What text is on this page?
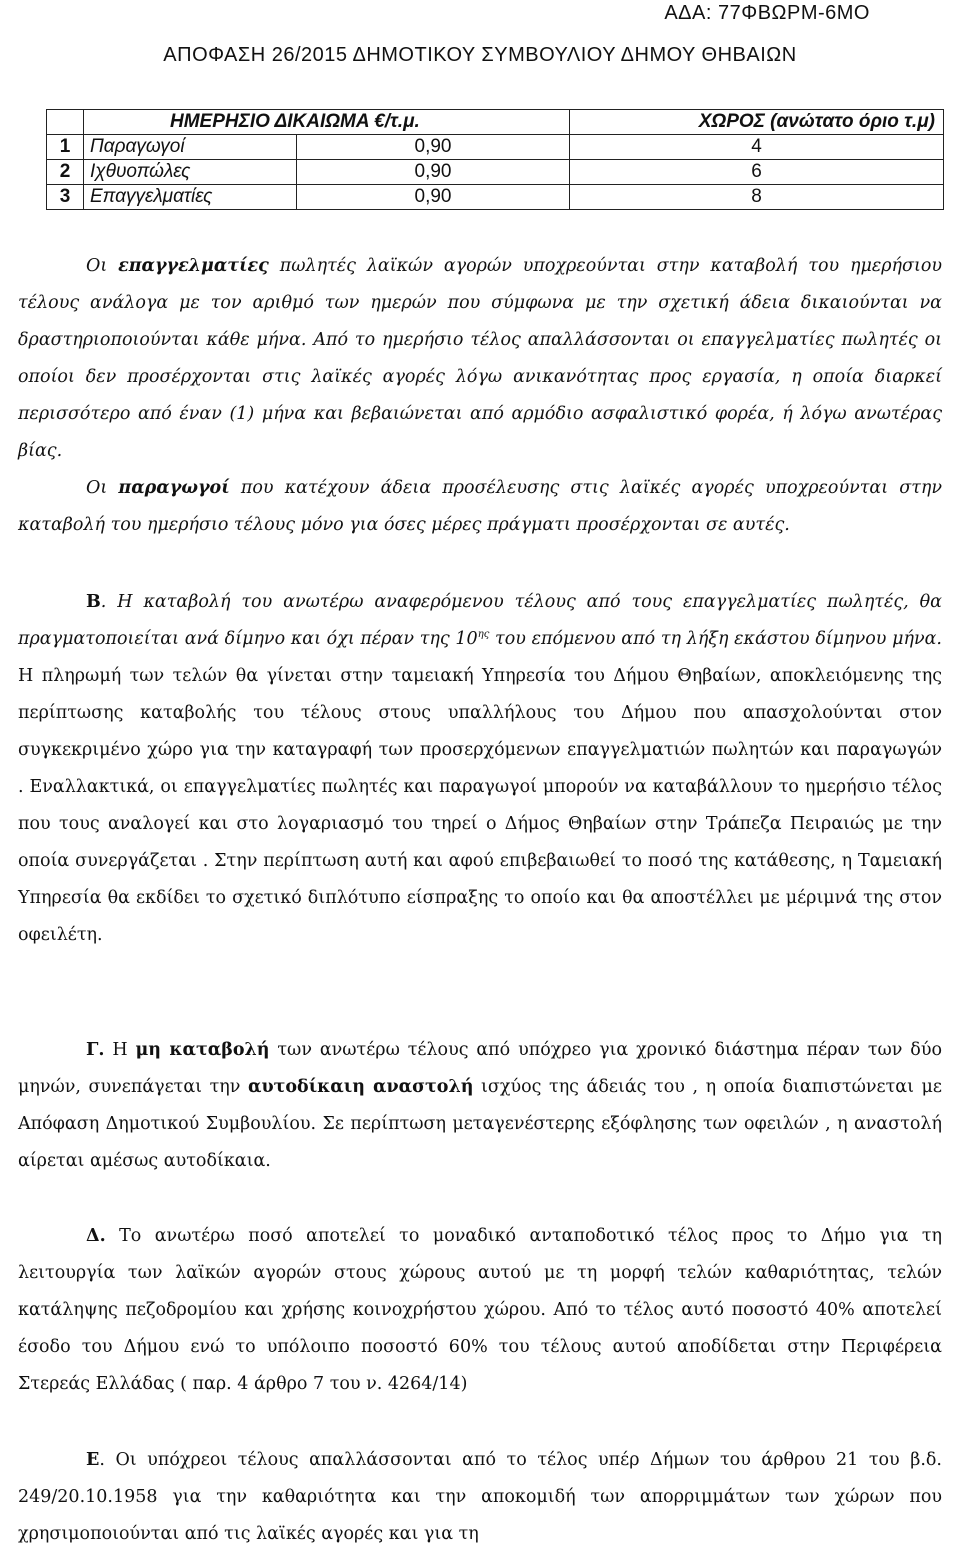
ΑΔΑ: 77ΦΒΩΡΜ-6ΜΟ
ΑΠΟΦΑΣΗ 26/2015 ΔΗΜΟΤΙΚΟΥ ΣΥΜΒΟΥΛΙΟΥ ΔΗΜΟΥ ΘΗΒΑΙΩΝ
	ΗΜΕΡΗΣΙΟ ΔΙΚΑΙΩΜΑ €/τ.μ.		ΧΩΡΟΣ (ανώτατο όριο τ.μ)
1	Παραγωγοί	0,90	4
2	Ιχθυοπώλες	0,90	6
3	Επαγγελματίες	0,90	8
Οι επαγγελματίες πωλητές λαϊκών αγορών υποχρεούνται στην καταβολή του ημερήσιου τέλους ανάλογα με τον αριθμό των ημερών που σύμφωνα με την σχετική άδεια δικαιούνται να δραστηριοποιούνται κάθε μήνα. Από το ημερήσιο τέλος απαλλάσσονται οι επαγγελματίες πωλητές οι οποίοι δεν προσέρχονται στις λαϊκές αγορές λόγω ανικανότητας προς εργασία, η οποία διαρκεί περισσότερο από έναν (1) μήνα και βεβαιώνεται από αρμόδιο ασφαλιστικό φορέα, ή λόγω ανωτέρας βίας.
Οι παραγωγοί που κατέχουν άδεια προσέλευσης στις λαϊκές αγορές υποχρεούνται στην καταβολή του ημερήσιο τέλους μόνο για όσες μέρες πράγματι προσέρχονται σε αυτές.
Β. Η καταβολή του ανωτέρω αναφερόμενου τέλους από τους επαγγελματίες πωλητές, θα πραγματοποιείται ανά δίμηνο και όχι πέραν της $10^{\eta\varsigma}$ του επόμενου από τη λήξη εκάστου δίμηνου μήνα. Η πληρωμή των τελών θα γίνεται στην ταμειακή Υπηρεσία του Δήμου Θηβαίων, αποκλειόμενης της περίπτωσης καταβολής του τέλους στους υπαλλήλους του Δήμου που απασχολούνται στον συγκεκριμένο χώρο για την καταγραφή των προσερχόμενων επαγγελματιών πωλητών και παραγωγών . Εναλλακτικά, οι επαγγελματίες πωλητές και παραγωγοί μπορούν να καταβάλλουν το ημερήσιο τέλος που τους αναλογεί και στο λογαριασμό του τηρεί ο Δήμος Θηβαίων στην Τράπεζα Πειραιώς με την οποία συνεργάζεται . Στην περίπτωση αυτή και αφού επιβεβαιωθεί το ποσό της κατάθεσης, η Ταμειακή Υπηρεσία θα εκδίδει το σχετικό διπλότυπο είσπραξης το οποίο και θα αποστέλλει με μέριμνά της στον οφειλέτη.
Γ. Η μη καταβολή των ανωτέρω τέλους από υπόχρεο για χρονικό διάστημα πέραν των δύο μηνών, συνεπάγεται την αυτοδίκαιη αναστολή ισχύος της άδειάς του , η οποία διαπιστώνεται με Απόφαση Δημοτικού Συμβουλίου. Σε περίπτωση μεταγενέστερης εξόφλησης των οφειλών , η αναστολή αίρεται αμέσως αυτοδίκαια.
Δ. Το ανωτέρω ποσό αποτελεί το μοναδικό ανταποδοτικό τέλος προς το Δήμο για τη λειτουργία των λαϊκών αγορών στους χώρους αυτού με τη μορφή τελών καθαριότητας, τελών κατάληψης πεζοδρομίου και χρήσης κοινοχρήστου χώρου. Από το τέλος αυτό ποσοστό 40% αποτελεί έσοδο του Δήμου ενώ το υπόλοιπο ποσοστό 60% του τέλους αυτού αποδίδεται στην Περιφέρεια Στερεάς Ελλάδας ( παρ. 4 άρθρο 7 του ν. 4264/14)
Ε. Οι υπόχρεοι τέλους απαλλάσσονται από το τέλος υπέρ Δήμων του άρθρου 21 του β.δ. 249/20.10.1958 για την καθαριότητα και την αποκομιδή των απορριμμάτων των χώρων που χρησιμοποιούνται από τις λαϊκές αγορές και για τη
